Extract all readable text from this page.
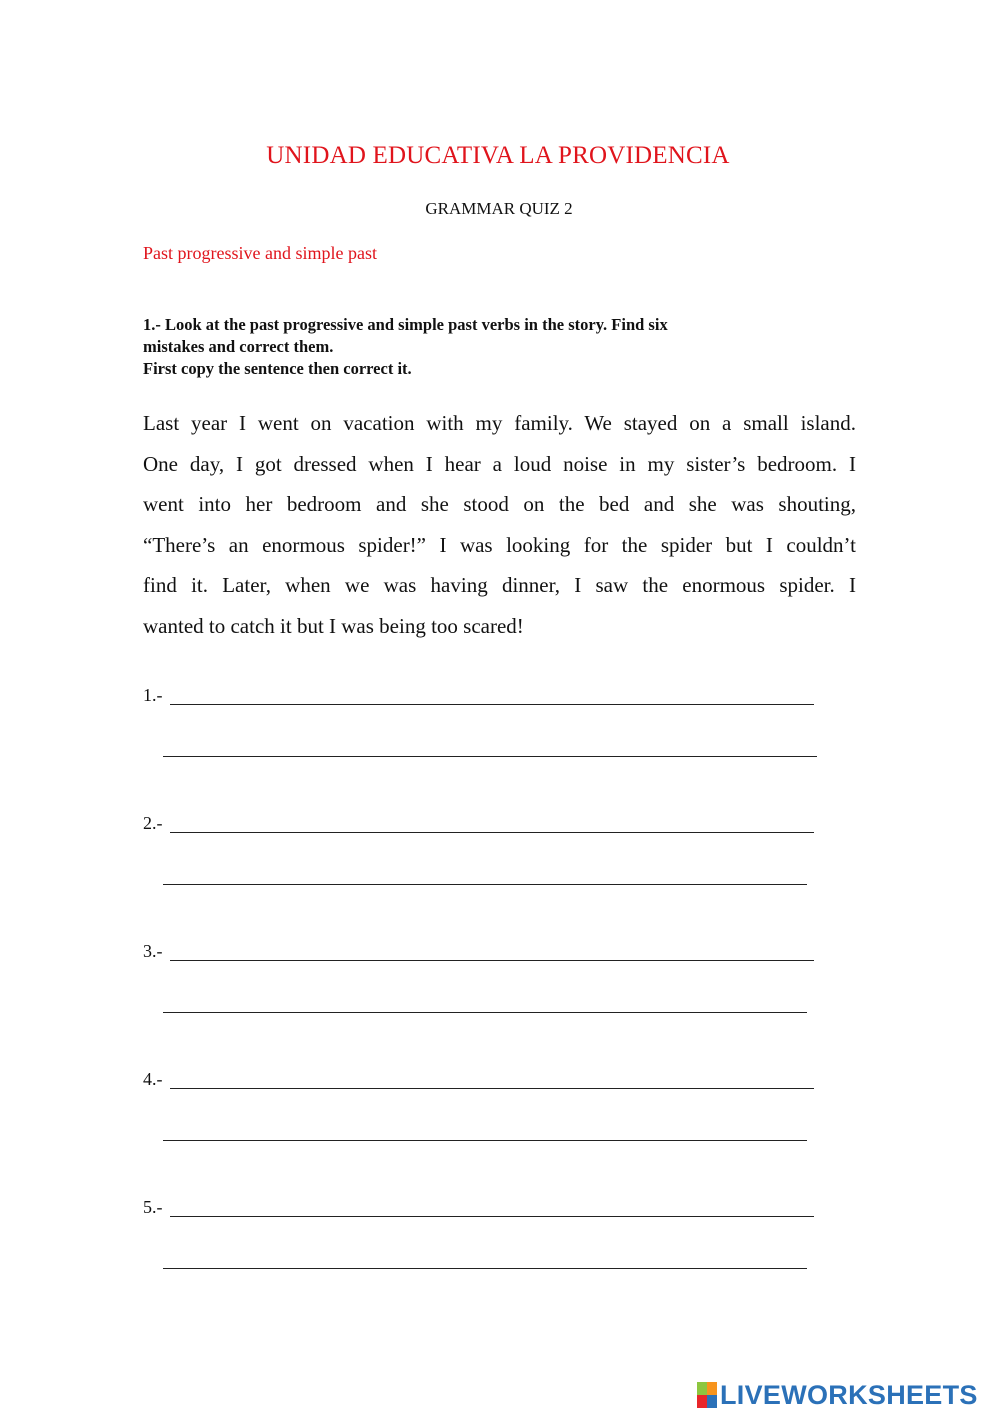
UNIDAD EDUCATIVA LA PROVIDENCIA
GRAMMAR QUIZ 2
Past progressive and simple past
1.- Look at the past progressive and simple past verbs in the story. Find six
mistakes and correct them.
First copy the sentence then correct it.
Last year I went on vacation with my family. We stayed on a small island.
One day, I got dressed when I hear a loud noise in my sister’s bedroom. I
went into her bedroom and she stood on the bed and she was shouting,
“There’s an enormous spider!” I was looking for the spider but I couldn’t
find it. Later, when we was having dinner, I saw the enormous spider. I
wanted to catch it but I was being too scared!
1.-
2.-
3.-
4.-
5.-
LIVEWORKSHEETS
